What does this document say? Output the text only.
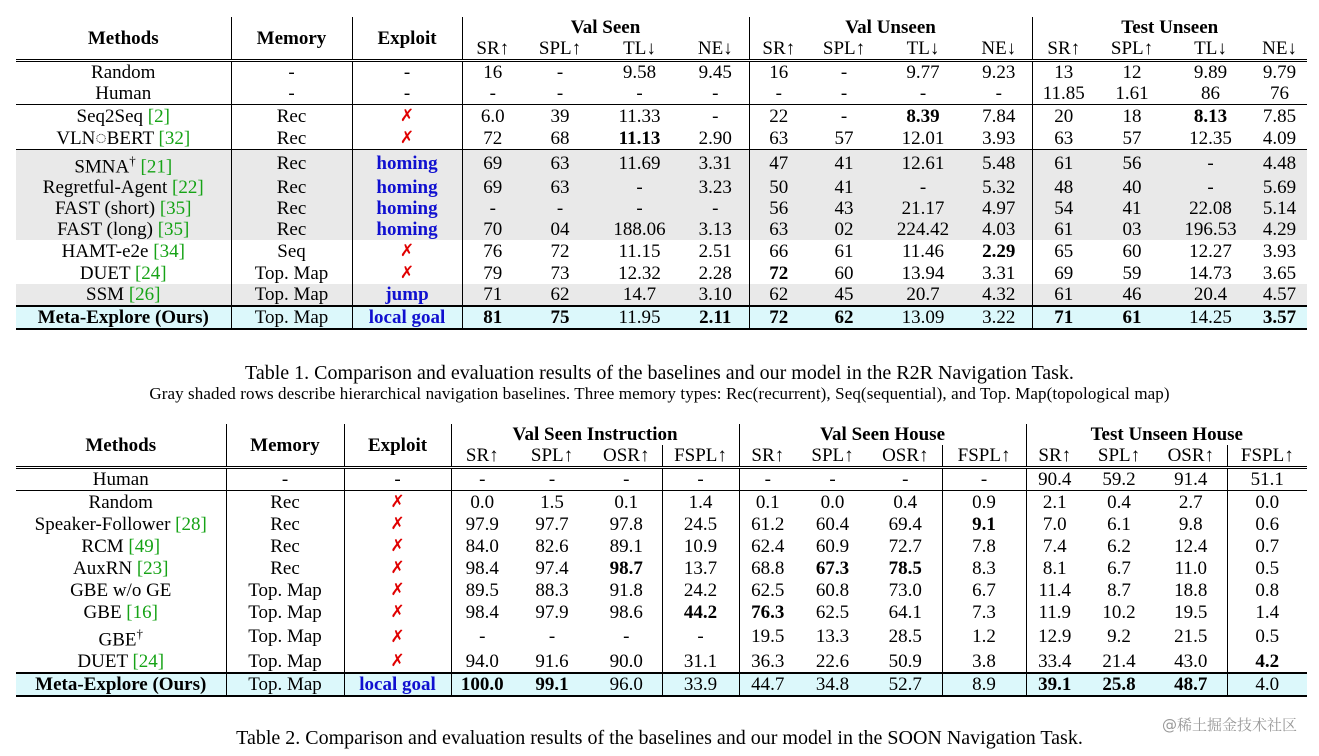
Methods	Memory	Exploit	Val Seen				Val Unseen				Test Unseen			
			SR↑	SPL↑	TL↓	NE↓	SR↑	SPL↑	TL↓	NE↓	SR↑	SPL↑	TL↓	NE↓
Random	-	-	16	-	9.58	9.45	16	-	9.77	9.23	13	12	9.89	9.79
Human	-	-	-	-	-	-	-	-	-	-	11.85	1.61	86	76
Seq2Seq [2]	Rec	✗	6.0	39	11.33	-	22	-	8.39	7.84	20	18	8.13	7.85
VLN◌BERT [32]	Rec	✗	72	68	11.13	2.90	63	57	12.01	3.93	63	57	12.35	4.09
SMNA† [21]	Rec	homing	69	63	11.69	3.31	47	41	12.61	5.48	61	56	-	4.48
Regretful-Agent [22]	Rec	homing	69	63	-	3.23	50	41	-	5.32	48	40	-	5.69
FAST (short) [35]	Rec	homing	-	-	-	-	56	43	21.17	4.97	54	41	22.08	5.14
FAST (long) [35]	Rec	homing	70	04	188.06	3.13	63	02	224.42	4.03	61	03	196.53	4.29
HAMT-e2e [34]	Seq	✗	76	72	11.15	2.51	66	61	11.46	2.29	65	60	12.27	3.93
DUET [24]	Top. Map	✗	79	73	12.32	2.28	72	60	13.94	3.31	69	59	14.73	3.65
SSM [26]	Top. Map	jump	71	62	14.7	3.10	62	45	20.7	4.32	61	46	20.4	4.57
Meta-Explore (Ours)	Top. Map	local goal	81	75	11.95	2.11	72	62	13.09	3.22	71	61	14.25	3.57
Table 1. Comparison and evaluation results of the baselines and our model in the R2R Navigation Task.
Gray shaded rows describe hierarchical navigation baselines. Three memory types: Rec(recurrent), Seq(sequential), and Top. Map(topological map)
Methods	Memory	Exploit	Val Seen Instruction				Val Seen House				Test Unseen House			
			SR↑	SPL↑	OSR↑	FSPL↑	SR↑	SPL↑	OSR↑	FSPL↑	SR↑	SPL↑	OSR↑	FSPL↑
Human	-	-	-	-	-	-	-	-	-	-	90.4	59.2	91.4	51.1
Random	Rec	✗	0.0	1.5	0.1	1.4	0.1	0.0	0.4	0.9	2.1	0.4	2.7	0.0
Speaker-Follower [28]	Rec	✗	97.9	97.7	97.8	24.5	61.2	60.4	69.4	9.1	7.0	6.1	9.8	0.6
RCM [49]	Rec	✗	84.0	82.6	89.1	10.9	62.4	60.9	72.7	7.8	7.4	6.2	12.4	0.7
AuxRN [23]	Rec	✗	98.4	97.4	98.7	13.7	68.8	67.3	78.5	8.3	8.1	6.7	11.0	0.5
GBE w/o GE	Top. Map	✗	89.5	88.3	91.8	24.2	62.5	60.8	73.0	6.7	11.4	8.7	18.8	0.8
GBE [16]	Top. Map	✗	98.4	97.9	98.6	44.2	76.3	62.5	64.1	7.3	11.9	10.2	19.5	1.4
GBE†	Top. Map	✗	-	-	-	-	19.5	13.3	28.5	1.2	12.9	9.2	21.5	0.5
DUET [24]	Top. Map	✗	94.0	91.6	90.0	31.1	36.3	22.6	50.9	3.8	33.4	21.4	43.0	4.2
Meta-Explore (Ours)	Top. Map	local goal	100.0	99.1	96.0	33.9	44.7	34.8	52.7	8.9	39.1	25.8	48.7	4.0
Table 2. Comparison and evaluation results of the baselines and our model in the SOON Navigation Task.
@稀土掘金技术社区
